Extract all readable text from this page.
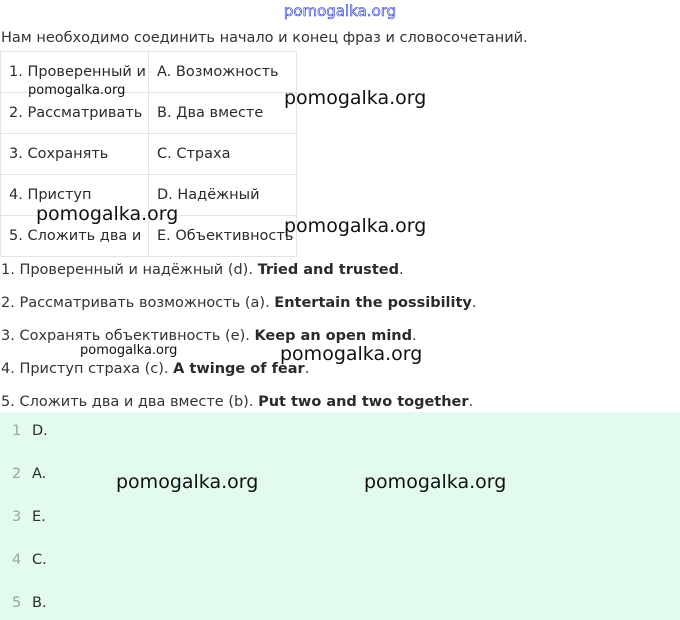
pomogalka.org
Нам необходимо соединить начало и конец фраз и словосочетаний.
1. Проверенный и	A. Возможность
2. Рассматривать	B. Два вместе
3. Сохранять	C. Страха
4. Приступ	D. Надёжный
5. Сложить два и	E. Объективность
1. Проверенный и надёжный (d). Tried and trusted.
2. Рассматривать возможность (a). Entertain the possibility.
3. Сохранять объективность (e). Keep an open mind.
4. Приступ страха (c). A twinge of fear.
5. Сложить два и два вместе (b). Put two and two together.
1 D.
2 A.
3 E.
4 C.
5 B.
pomogalka.org	pomogalka.org
pomogalka.org
pomogalka.org
pomogalka.org	pomogalka.org
pomogalka.org	pomogalka.org
